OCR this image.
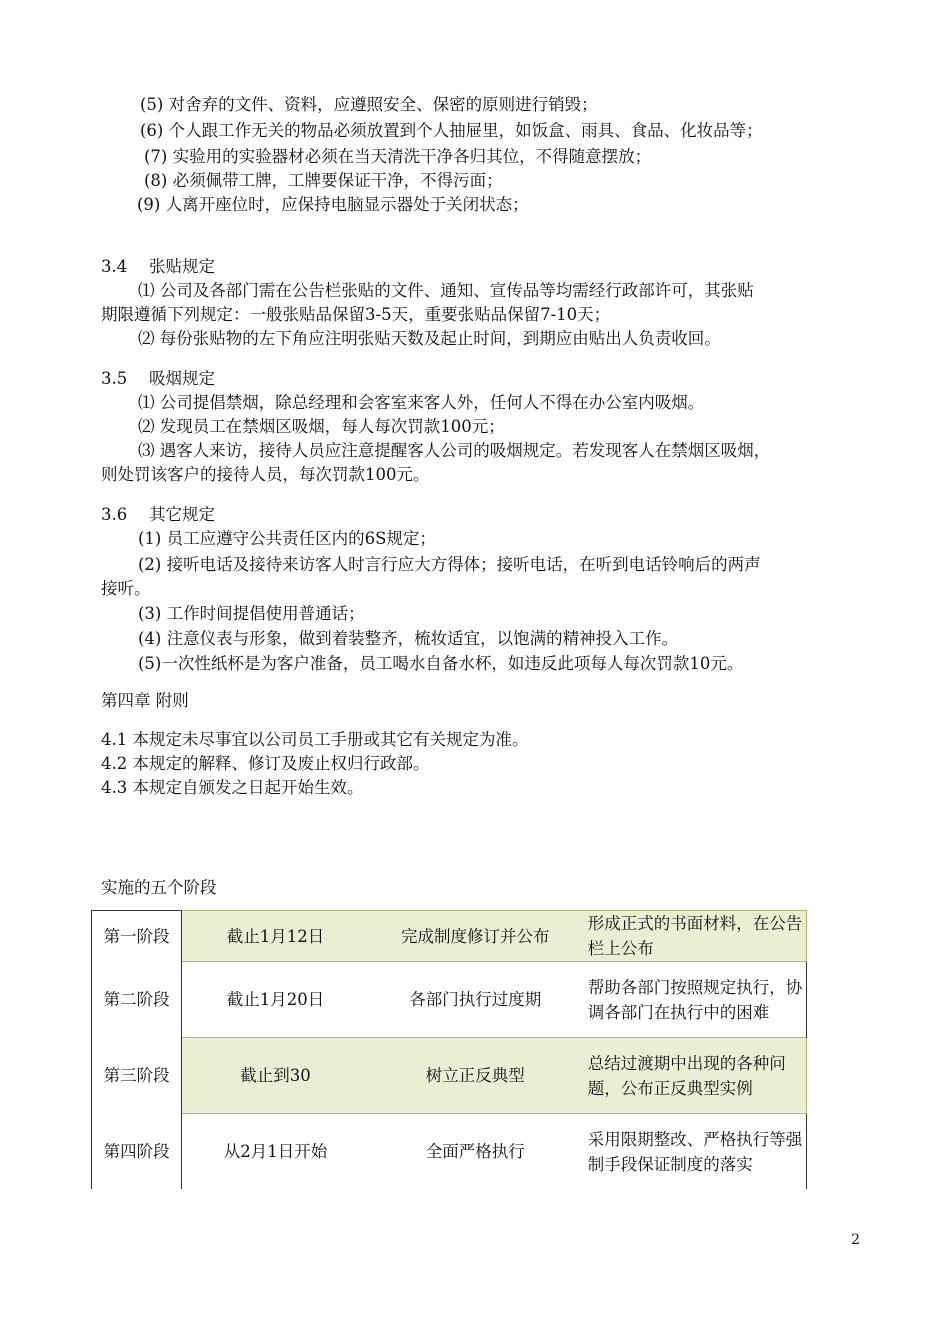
(5) 对舍弃的文件、资料，应遵照安全、保密的原则进行销毁；
(6) 个人跟工作无关的物品必须放置到个人抽屉里，如饭盒、雨具、食品、化妆品等；
(7) 实验用的实验器材必须在当天清洗干净各归其位，不得随意摆放；
(8) 必须佩带工牌，工牌要保证干净，不得污面；
(9) 人离开座位时，应保持电脑显示器处于关闭状态；
3.4 张贴规定
⑴ 公司及各部门需在公告栏张贴的文件、通知、宣传品等均需经行政部许可，其张贴
期限遵循下列规定：一般张贴品保留3-5天，重要张贴品保留7-10天；
⑵ 每份张贴物的左下角应注明张贴天数及起止时间，到期应由贴出人负责收回。
3.5 吸烟规定
⑴ 公司提倡禁烟，除总经理和会客室来客人外，任何人不得在办公室内吸烟。
⑵ 发现员工在禁烟区吸烟，每人每次罚款100元；
⑶ 遇客人来访，接待人员应注意提醒客人公司的吸烟规定。若发现客人在禁烟区吸烟，
则处罚该客户的接待人员，每次罚款100元。
3.6 其它规定
(1) 员工应遵守公共责任区内的6S规定；
(2) 接听电话及接待来访客人时言行应大方得体；接听电话，在听到电话铃响后的两声
接听。
(3) 工作时间提倡使用普通话；
(4) 注意仪表与形象，做到着装整齐，梳妆适宜，以饱满的精神投入工作。
(5)一次性纸杯是为客户准备，员工喝水自备水杯，如违反此项每人每次罚款10元。
第四章 附则
4.1 本规定未尽事宜以公司员工手册或其它有关规定为准。
4.2 本规定的解释、修订及废止权归行政部。
4.3 本规定自颁发之日起开始生效。
实施的五个阶段
第一阶段	截止1月12日	完成制度修订并公布	形成正式的书面材料，在公告栏上公布
第二阶段	截止1月20日	各部门执行过度期	帮助各部门按照规定执行，协调各部门在执行中的困难
第三阶段	截止到30	树立正反典型	总结过渡期中出现的各种问题，公布正反典型实例
第四阶段	从2月1日开始	全面严格执行	采用限期整改、严格执行等强制手段保证制度的落实
2
